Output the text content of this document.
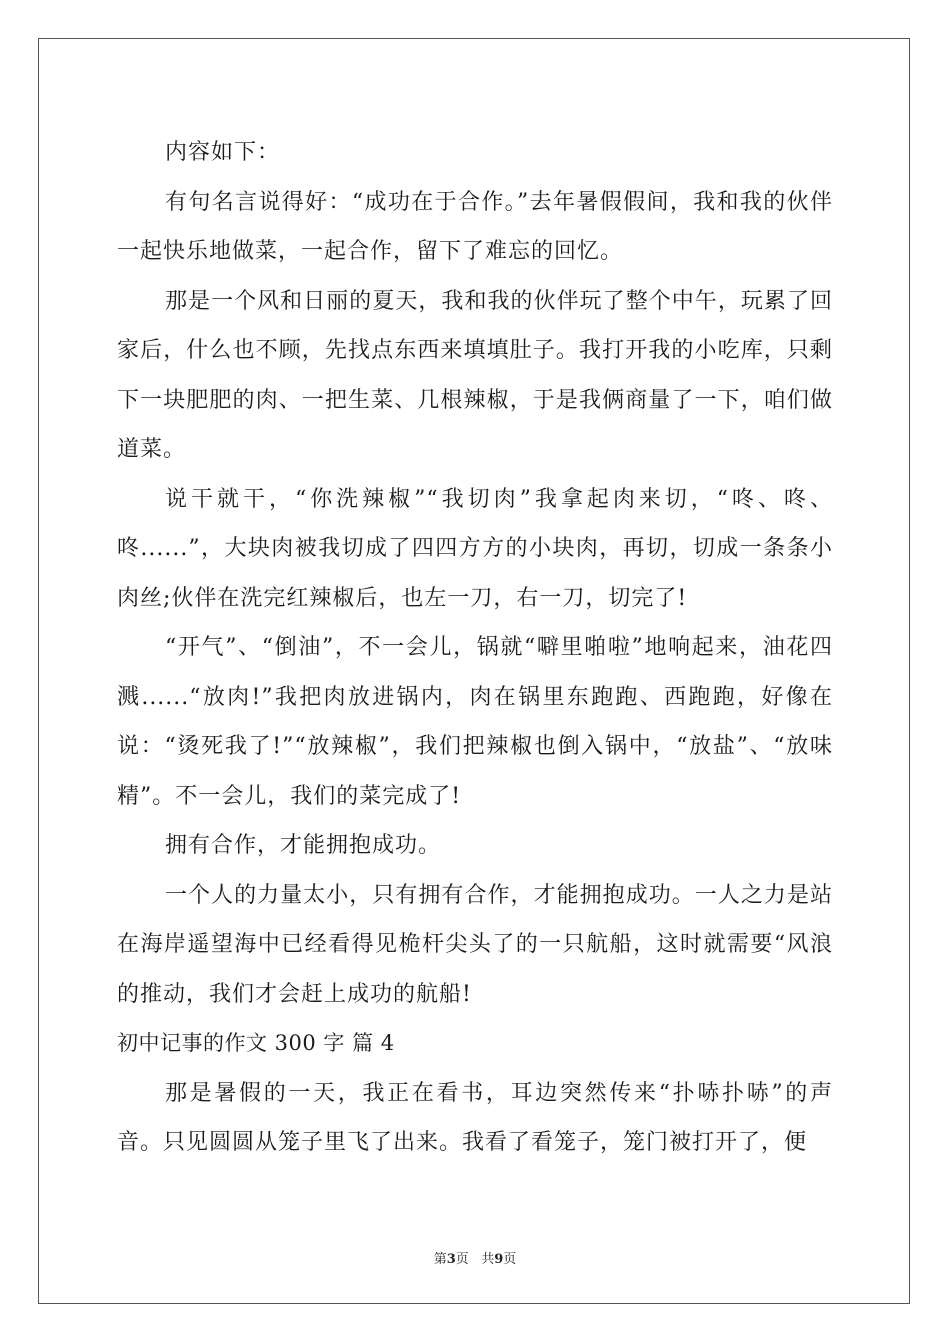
内容如下：

有句名言说得好：“成功在于合作。”去年暑假假间，我和我的伙伴一起快乐地做菜，一起合作，留下了难忘的回忆。

那是一个风和日丽的夏天，我和我的伙伴玩了整个中午，玩累了回家后，什么也不顾，先找点东西来填填肚子。我打开我的小吃库，只剩下一块肥肥的肉、一把生菜、几根辣椒，于是我俩商量了一下，咱们做道菜。

说干就干，“你洗辣椒”“我切肉”我拿起肉来切，“咚、咚、咚......”，大块肉被我切成了四四方方的小块肉，再切，切成一条条小肉丝;伙伴在洗完红辣椒后，也左一刀，右一刀，切完了!

“开气”、“倒油”，不一会儿，锅就“噼里啪啦”地响起来，油花四溅......“放肉!”我把肉放进锅内，肉在锅里东跑跑、西跑跑，好像在说：“烫死我了!”“放辣椒”，我们把辣椒也倒入锅中，“放盐”、“放味精”。不一会儿，我们的菜完成了!

拥有合作，才能拥抱成功。

一个人的力量太小，只有拥有合作，才能拥抱成功。一人之力是站在海岸遥望海中已经看得见桅杆尖头了的一只航船，这时就需要“风浪的推动，我们才会赶上成功的航船!

初中记事的作文 300 字 篇 4

那是暑假的一天，我正在看书，耳边突然传来“扑哧扑哧”的声音。只见圆圆从笼子里飞了出来。我看了看笼子，笼门被打开了，便

第3页   共9页
